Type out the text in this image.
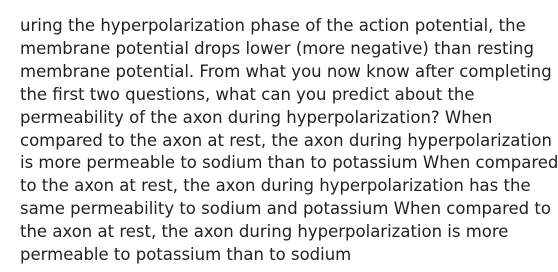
uring the hyperpolarization phase of the action potential, the
membrane potential drops lower (more negative) than resting
membrane potential. From what you now know after completing
the first two questions, what can you predict about the
permeability of the axon during hyperpolarization? When
compared to the axon at rest, the axon during hyperpolarization
is more permeable to sodium than to potassium When compared
to the axon at rest, the axon during hyperpolarization has the
same permeability to sodium and potassium When compared to
the axon at rest, the axon during hyperpolarization is more
permeable to potassium than to sodium
